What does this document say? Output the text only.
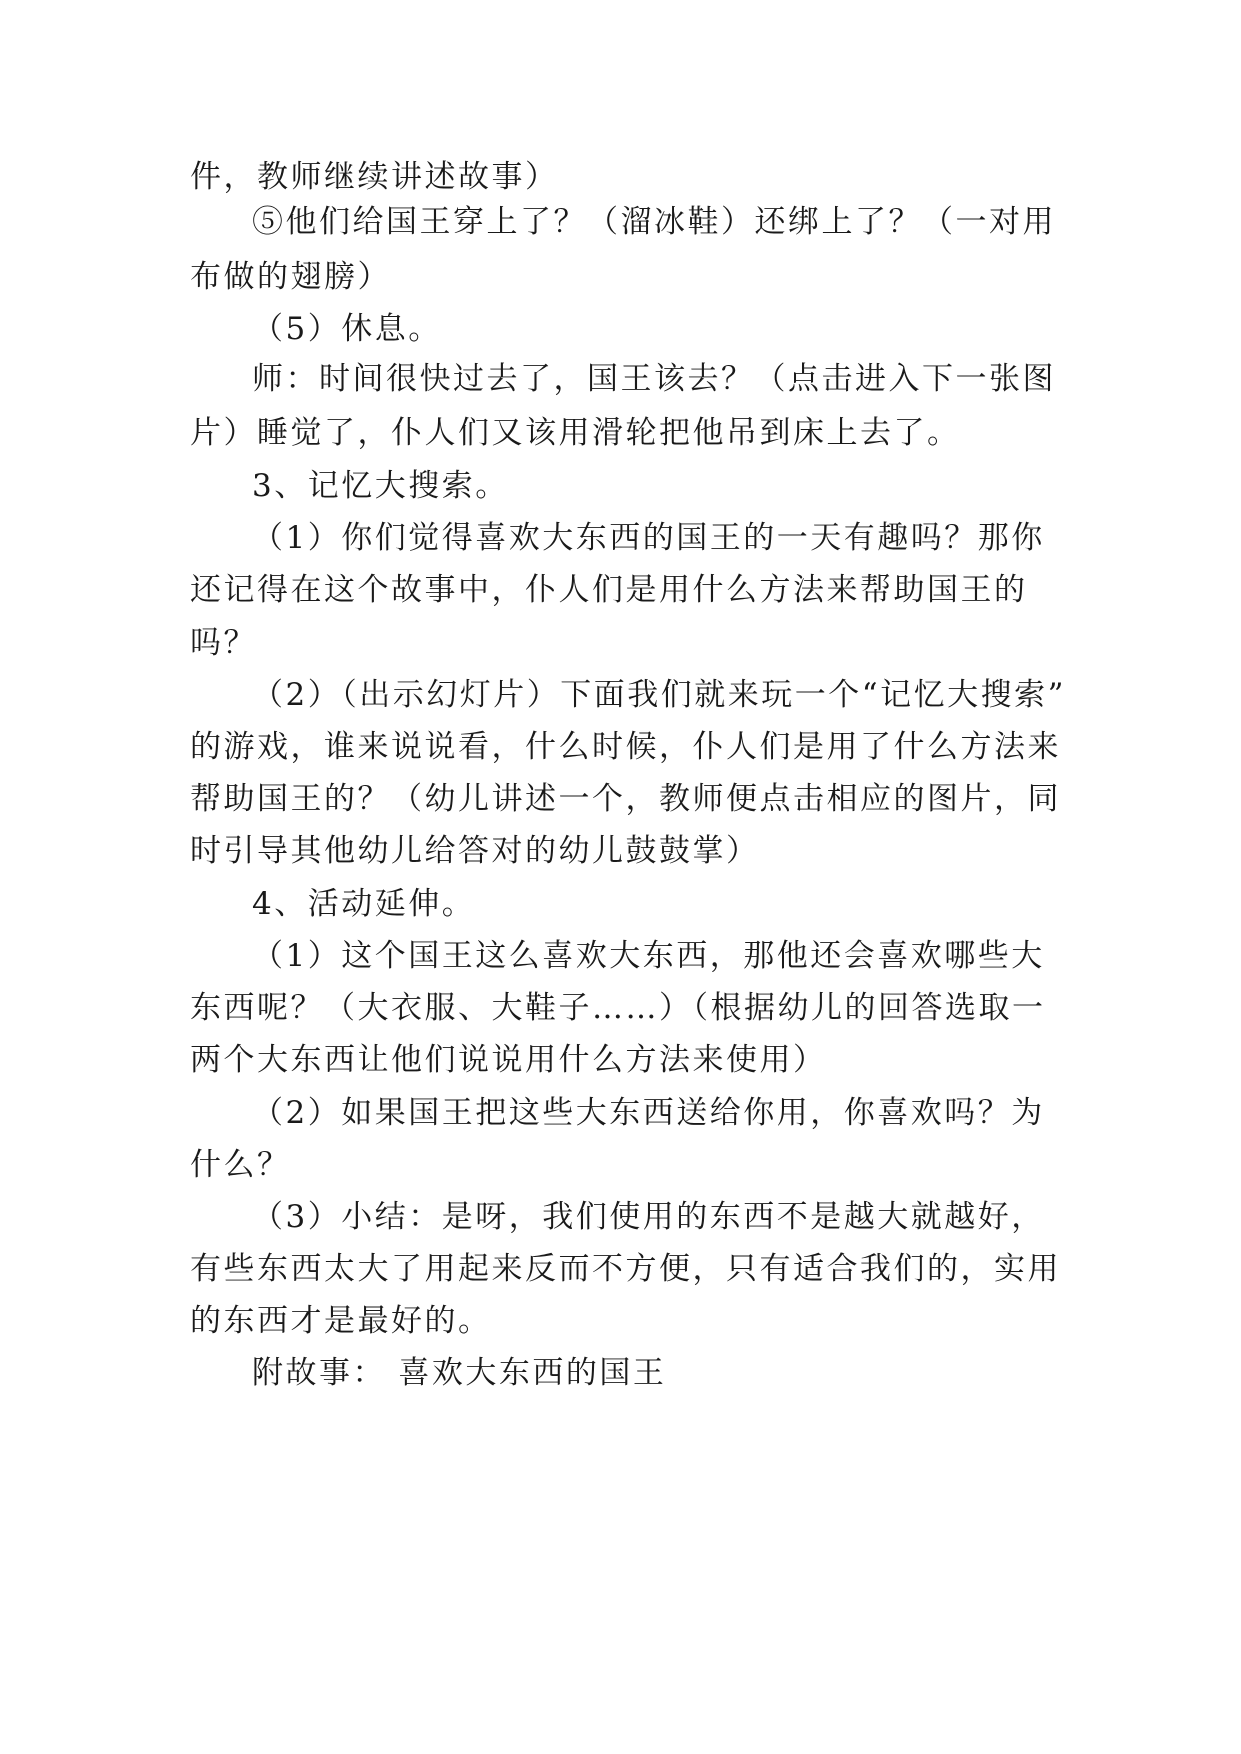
件，教师继续讲述故事）
⑤他们给国王穿上了？（溜冰鞋）还绑上了？（一对用
布做的翅膀）
（5）休息。
师：时间很快过去了，国王该去？（点击进入下一张图
片）睡觉了，仆人们又该用滑轮把他吊到床上去了。
3、记忆大搜索。
（1）你们觉得喜欢大东西的国王的一天有趣吗？那你
还记得在这个故事中，仆人们是用什么方法来帮助国王的
吗？
（2）（出示幻灯片）下面我们就来玩一个“记忆大搜索”
的游戏，谁来说说看，什么时候，仆人们是用了什么方法来
帮助国王的？（幼儿讲述一个，教师便点击相应的图片，同
时引导其他幼儿给答对的幼儿鼓鼓掌）
4、活动延伸。
（1）这个国王这么喜欢大东西，那他还会喜欢哪些大
东西呢？（大衣服、大鞋子……）（根据幼儿的回答选取一
两个大东西让他们说说用什么方法来使用）
（2）如果国王把这些大东西送给你用，你喜欢吗？为
什么？
（3）小结：是呀，我们使用的东西不是越大就越好，
有些东西太大了用起来反而不方便，只有适合我们的，实用
的东西才是最好的。
附故事： 喜欢大东西的国王
